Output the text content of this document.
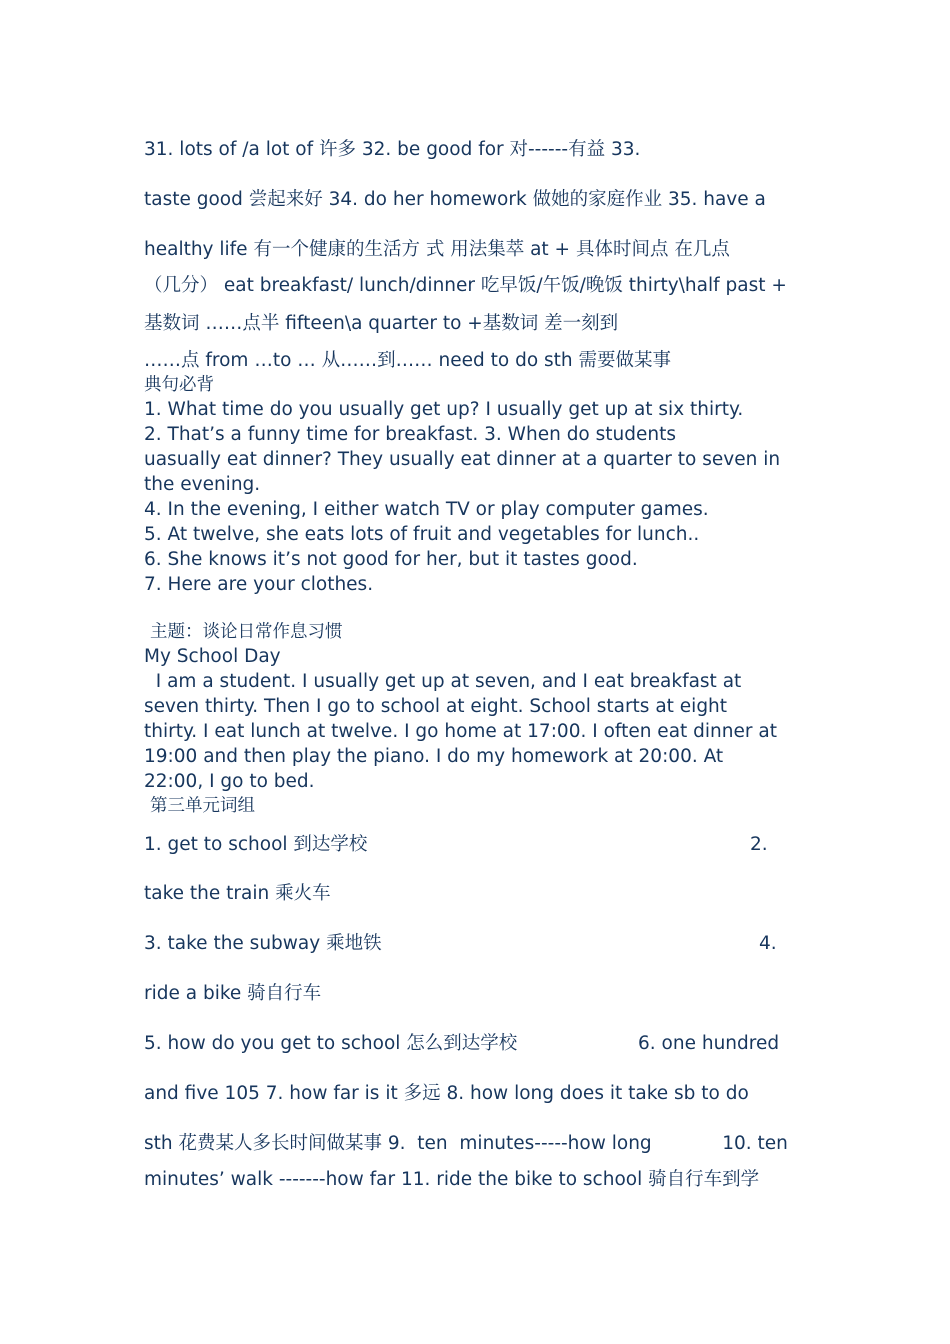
31. lots of /a lot of 许多 32. be good for 对------有益 33.
taste good 尝起来好 34. do her homework 做她的家庭作业 35. have a
healthy life 有一个健康的生活方 式 用法集萃 at + 具体时间点 在几点
（几分） eat breakfast/ lunch/dinner 吃早饭/午饭/晚饭 thirty\half past +
基数词 ……点半 fifteen\a quarter to +基数词 差一刻到
……点 from …to … 从……到…… need to do sth 需要做某事
典句必背
1. What time do you usually get up? I usually get up at six thirty.
2. That’s a funny time for breakfast. 3. When do students
uasually eat dinner? They usually eat dinner at a quarter to seven in
the evening.
4. In the evening, I either watch TV or play computer games.
5. At twelve, she eats lots of fruit and vegetables for lunch..
6. She knows it’s not good for her, but it tastes good.
7. Here are your clothes.
主题：谈论日常作息习惯
My School Day
I am a student. I usually get up at seven, and I eat breakfast at
seven thirty. Then I go to school at eight. School starts at eight
thirty. I eat lunch at twelve. I go home at 17:00. I often eat dinner at
19:00 and then play the piano. I do my homework at 20:00. At
22:00, I go to bed.
第三单元词组
1. get to school 到达学校	2.
take the train 乘火车
3. take the subway 乘地铁	4.
ride a bike 骑自行车
5. how do you get to school 怎么到达学校	6. one hundred
and five 105 7. how far is it 多远 8. how long does it take sb to do
sth 花费某人多长时间做某事 9.  ten  minutes-----how long            10. ten
minutes’ walk -------how far 11. ride the bike to school 骑自行车到学
